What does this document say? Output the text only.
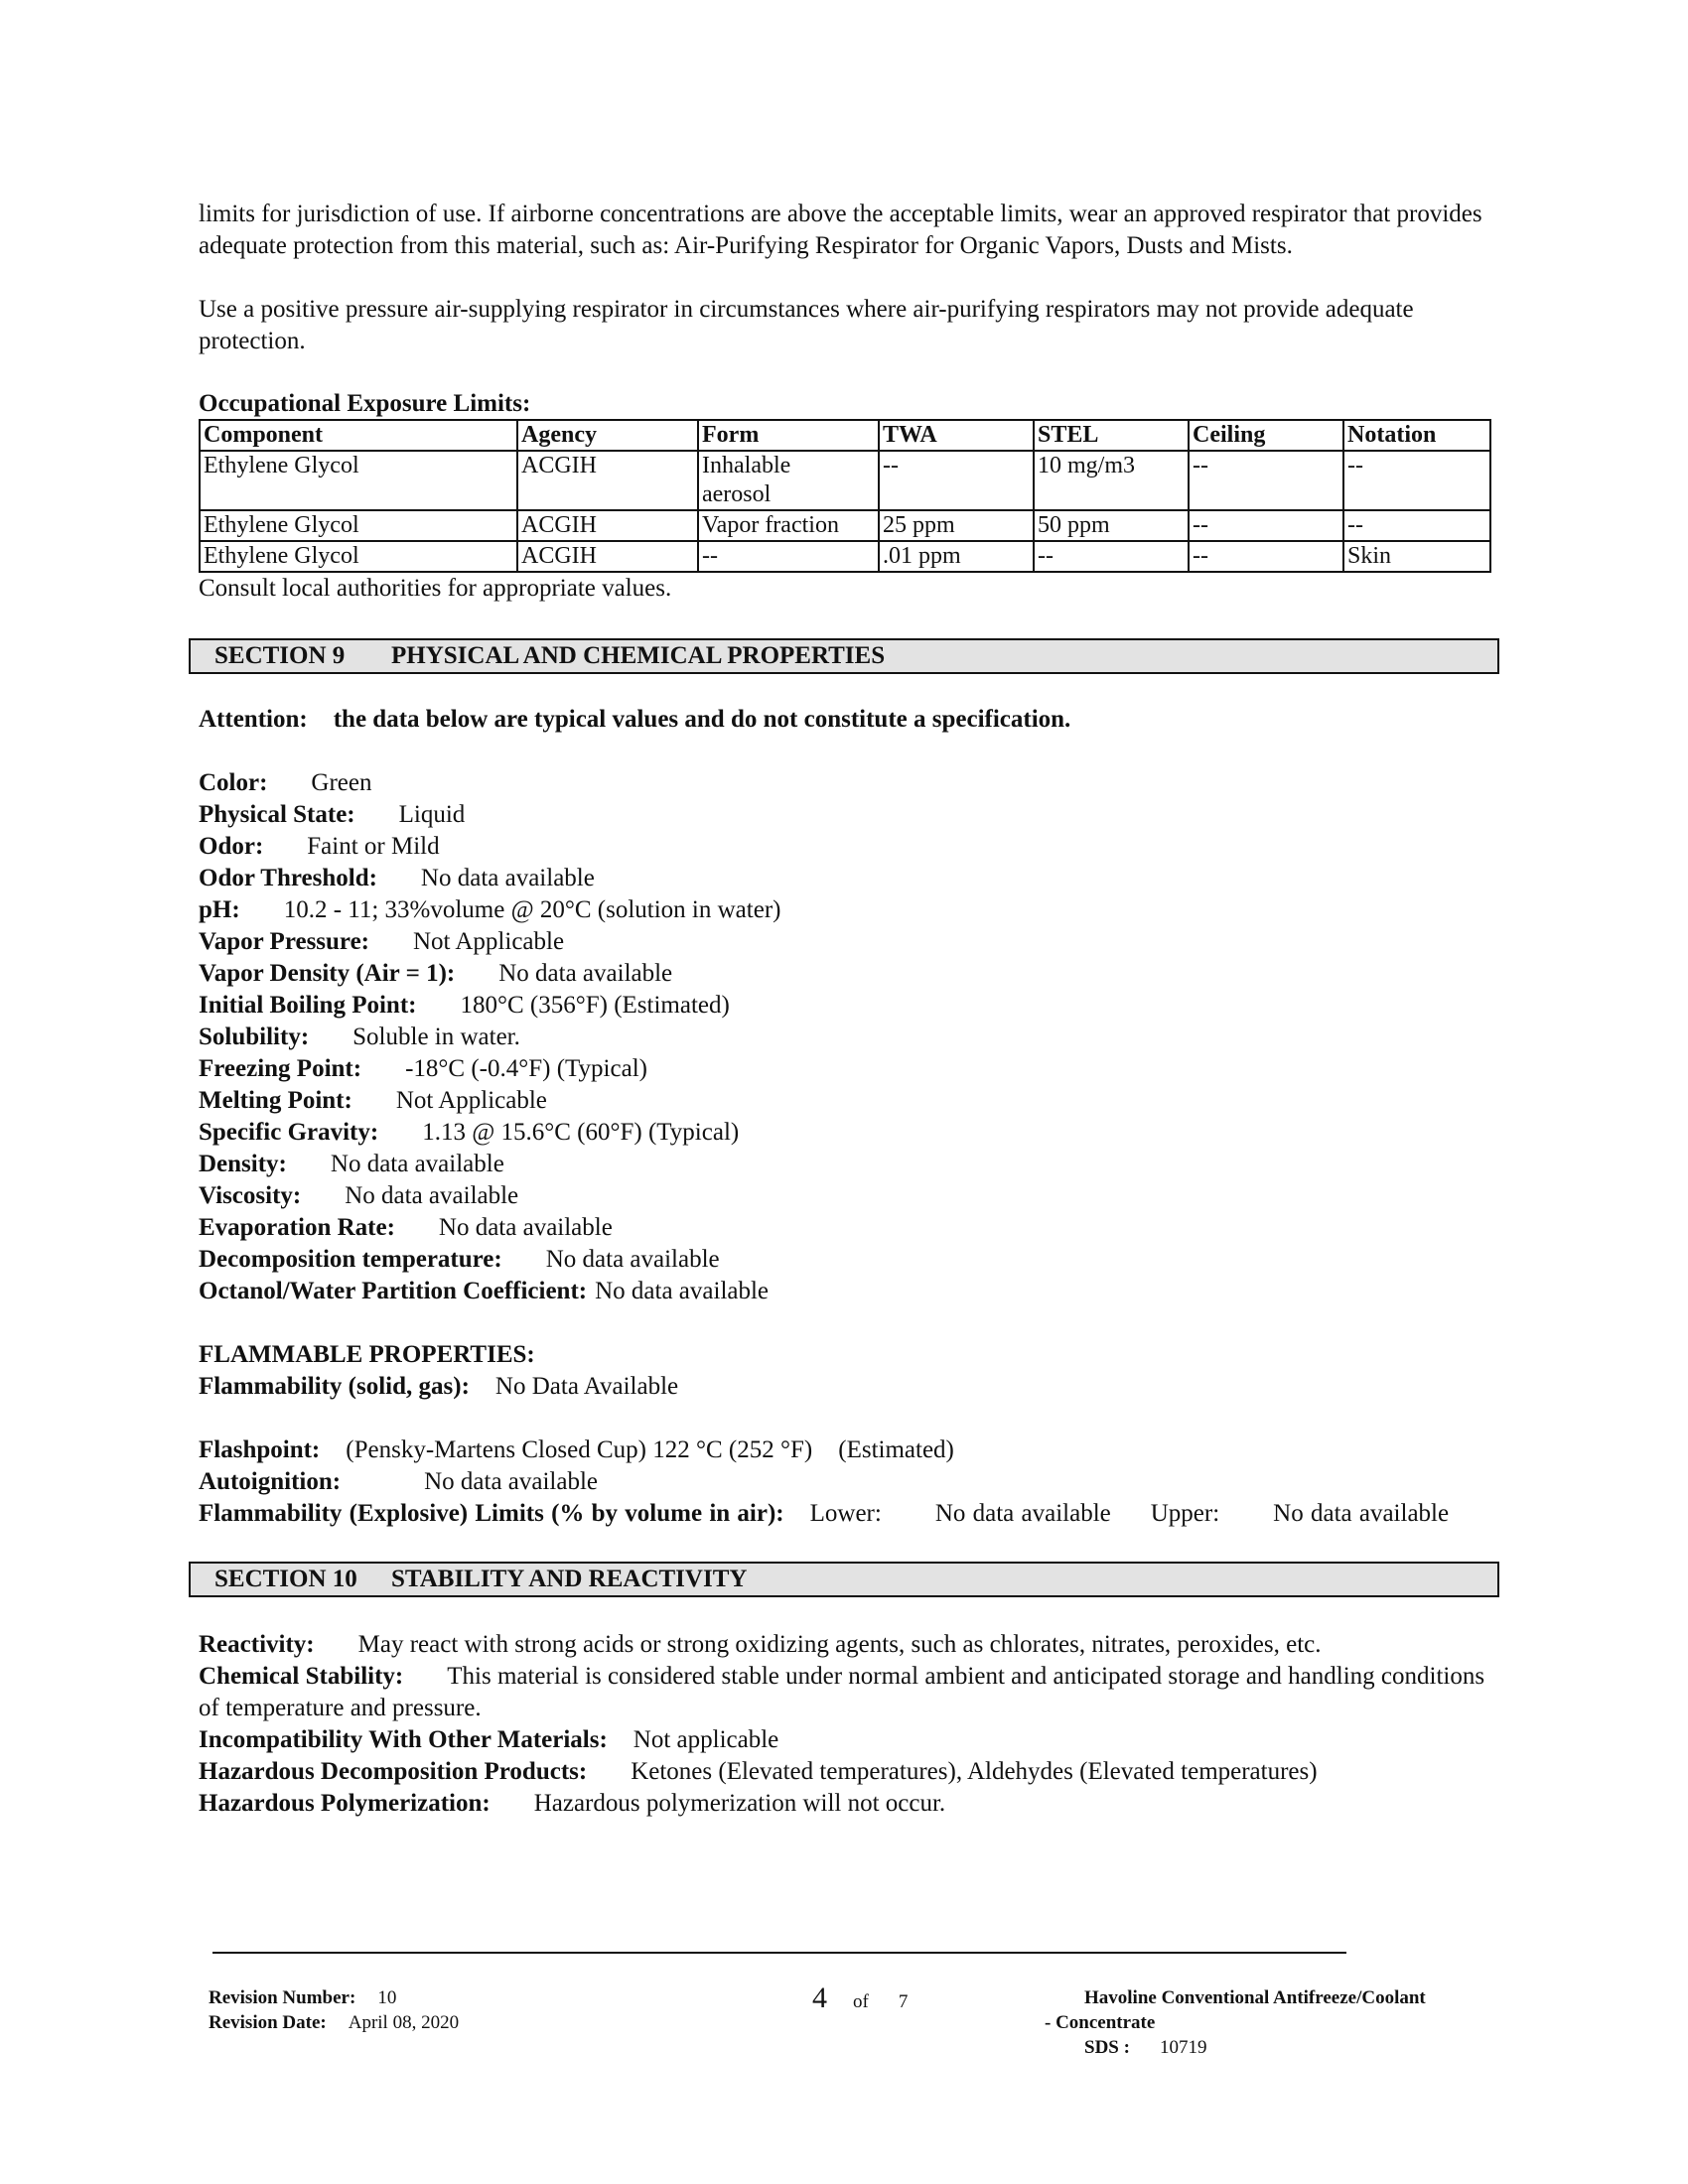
limits for jurisdiction of use. If airborne concentrations are above the acceptable limits, wear an approved respirator that provides adequate protection from this material, such as: Air-Purifying Respirator for Organic Vapors, Dusts and Mists.

Use a positive pressure air-supplying respirator in circumstances where air-purifying respirators may not provide adequate protection.

Occupational Exposure Limits:

Component	Agency	Form	TWA	STEL	Ceiling	Notation
Ethylene Glycol	ACGIH	Inhalable aerosol	--	10 mg/m3	--	--
Ethylene Glycol	ACGIH	Vapor fraction	25 ppm	50 ppm	--	--
Ethylene Glycol	ACGIH	--	.01 ppm	--	--	Skin

Consult local authorities for appropriate values.

SECTION 9 PHYSICAL AND CHEMICAL PROPERTIES

Attention: the data below are typical values and do not constitute a specification.

Color: Green
Physical State: Liquid
Odor: Faint or Mild
Odor Threshold: No data available
pH: 10.2 - 11; 33%volume @ 20°C (solution in water)
Vapor Pressure: Not Applicable
Vapor Density (Air = 1): No data available
Initial Boiling Point: 180°C (356°F) (Estimated)
Solubility: Soluble in water.
Freezing Point: -18°C (-0.4°F) (Typical)
Melting Point: Not Applicable
Specific Gravity: 1.13 @ 15.6°C (60°F) (Typical)
Density: No data available
Viscosity: No data available
Evaporation Rate: No data available
Decomposition temperature: No data available
Octanol/Water Partition Coefficient: No data available
FLAMMABLE PROPERTIES:
Flammability (solid, gas): No Data Available
Flashpoint: (Pensky-Martens Closed Cup) 122 °C (252 °F) (Estimated)
Autoignition:	No data available
Flammability (Explosive) Limits (% by volume in air): Lower: No data available Upper: No data available
SECTION 10 STABILITY AND REACTIVITY
Reactivity: May react with strong acids or strong oxidizing agents, such as chlorates, nitrates, peroxides, etc.
Chemical Stability: This material is considered stable under normal ambient and anticipated storage and handling conditions of temperature and pressure.
Incompatibility With Other Materials: Not applicable
Hazardous Decomposition Products: Ketones (Elevated temperatures), Aldehydes (Elevated temperatures)
Hazardous Polymerization: Hazardous polymerization will not occur.
Revision Number: 10
Revision Date: April 08, 2020
4 of 7	Havoline Conventional Antifreeze/Coolant
- Concentrate
SDS : 10719
